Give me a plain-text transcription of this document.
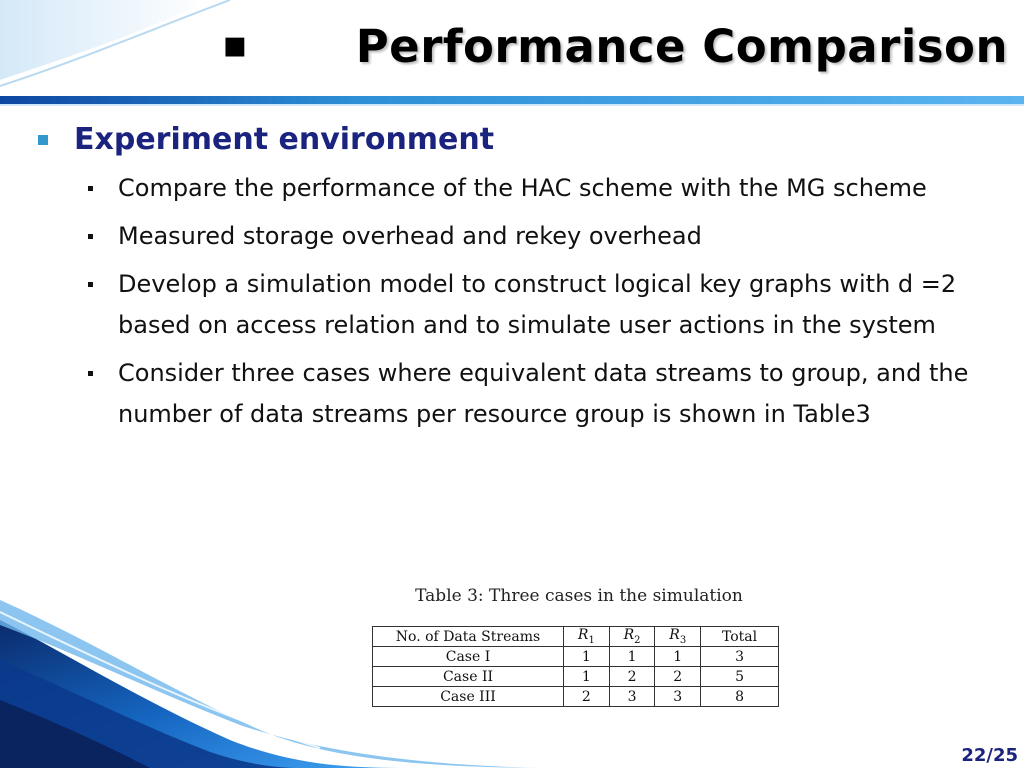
▪ Performance Comparison
Experiment environment
Compare the performance of the HAC scheme with the MG scheme
Measured storage overhead and rekey overhead
Develop a simulation model to construct logical key graphs with d =2 based on access relation and to simulate user actions in the system
Consider three cases where equivalent data streams to group, and the number of data streams per resource group is shown in Table3
Table 3: Three cases in the simulation
No. of Data Streams	$R_1$	$R_2$	$R_3$	Total
Case I	1	1	1	3
Case II	1	2	2	5
Case III	2	3	3	8
22/25
